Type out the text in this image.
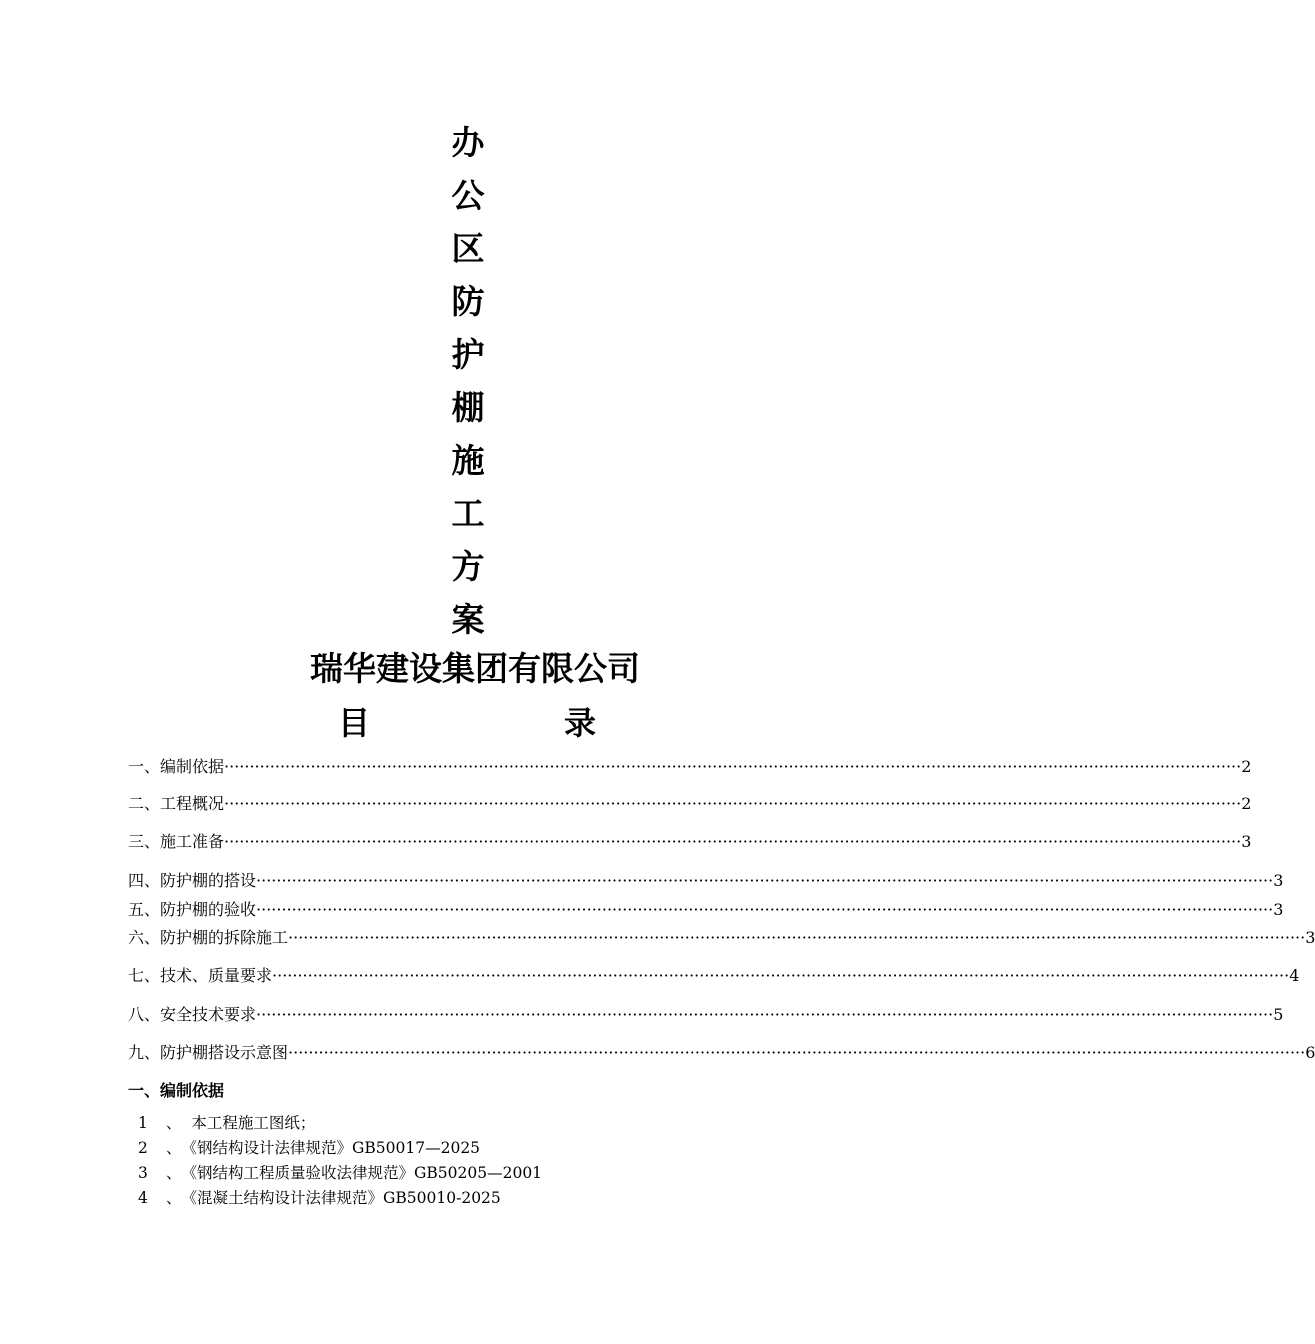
办
公
区
防
护
棚
施
工
方
案
瑞华建设集团有限公司
目	录
一、编制依据 ········································································································································································································ 2
二、工程概况 ········································································································································································································ 2
三、施工准备 ········································································································································································································ 3
四、防护棚的搭设 ········································································································································································································ 3
五、防护棚的验收 ········································································································································································································ 3
六、防护棚的拆除施工 ········································································································································································································ 3
七、技术、质量要求 ········································································································································································································ 4
八、安全技术要求 ········································································································································································································ 5
九、防护棚搭设示意图 ········································································································································································································ 6
一、编制依据
1 、  本工程施工图纸；
2 、《钢结构设计法律规范》GB50017—2025
3 、《钢结构工程质量验收法律规范》GB50205—2001
4 、《混凝土结构设计法律规范》GB50010-2025
